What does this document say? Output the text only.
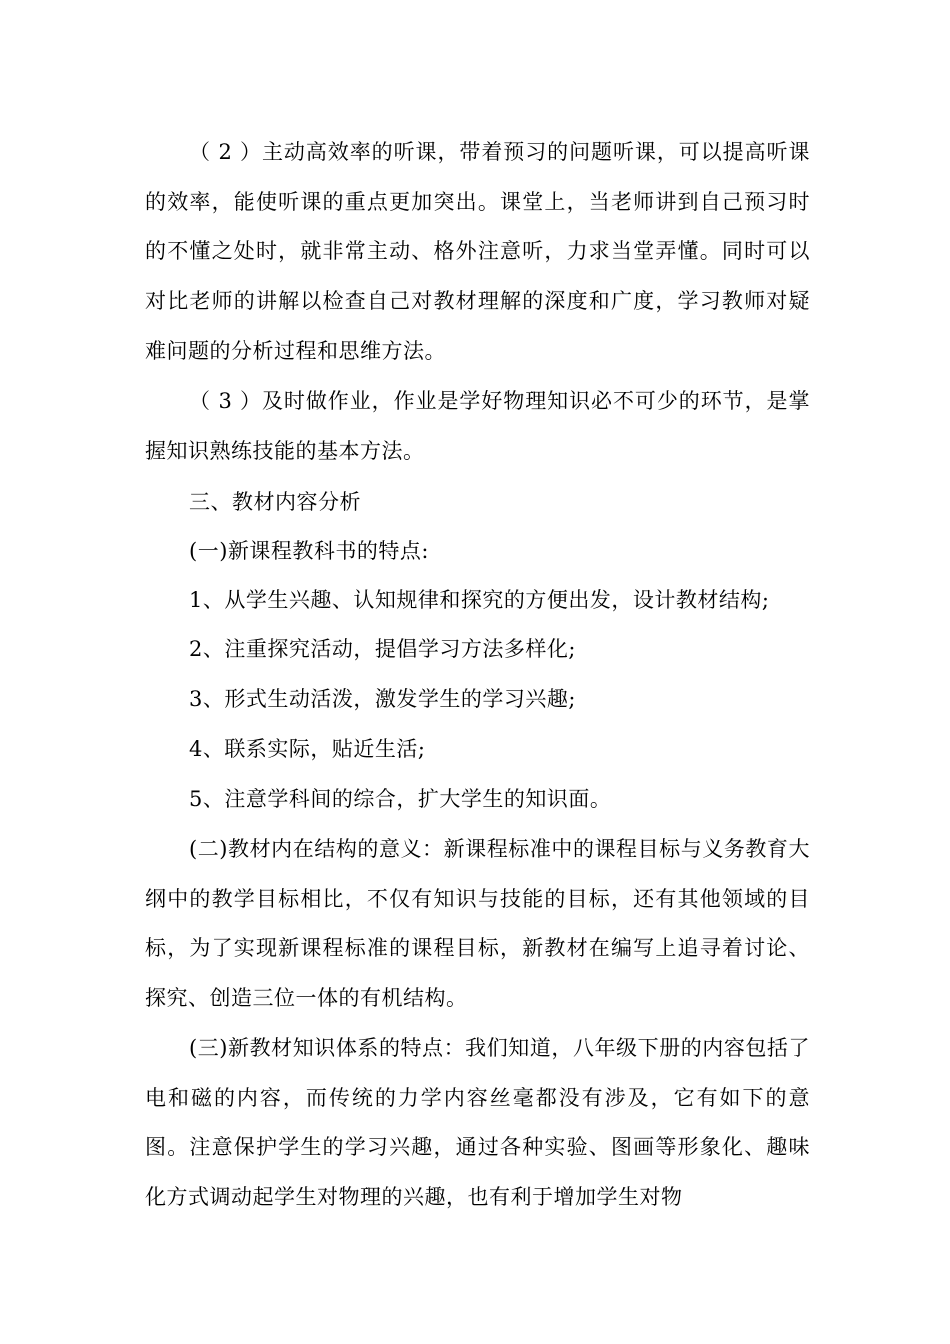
（ 2 ）主动高效率的听课，带着预习的问题听课，可以提高听课的效率，能使听课的重点更加突出。课堂上，当老师讲到自己预习时的不懂之处时，就非常主动、格外注意听，力求当堂弄懂。同时可以对比老师的讲解以检查自己对教材理解的深度和广度，学习教师对疑难问题的分析过程和思维方法。

（ 3 ）及时做作业，作业是学好物理知识必不可少的环节，是掌握知识熟练技能的基本方法。

三、教材内容分析

(一)新课程教科书的特点:

1、从学生兴趣、认知规律和探究的方便出发，设计教材结构;

2、注重探究活动，提倡学习方法多样化;

3、形式生动活泼，激发学生的学习兴趣;

4、联系实际，贴近生活;

5、注意学科间的综合，扩大学生的知识面。

(二)教材内在结构的意义：新课程标准中的课程目标与义务教育大纲中的教学目标相比，不仅有知识与技能的目标，还有其他领域的目标，为了实现新课程标准的课程目标，新教材在编写上追寻着讨论、探究、创造三位一体的有机结构。

(三)新教材知识体系的特点：我们知道，八年级下册的内容包括了电和磁的内容，而传统的力学内容丝毫都没有涉及，它有如下的意图。注意保护学生的学习兴趣，通过各种实验、图画等形象化、趣味化方式调动起学生对物理的兴趣，也有利于增加学生对物
